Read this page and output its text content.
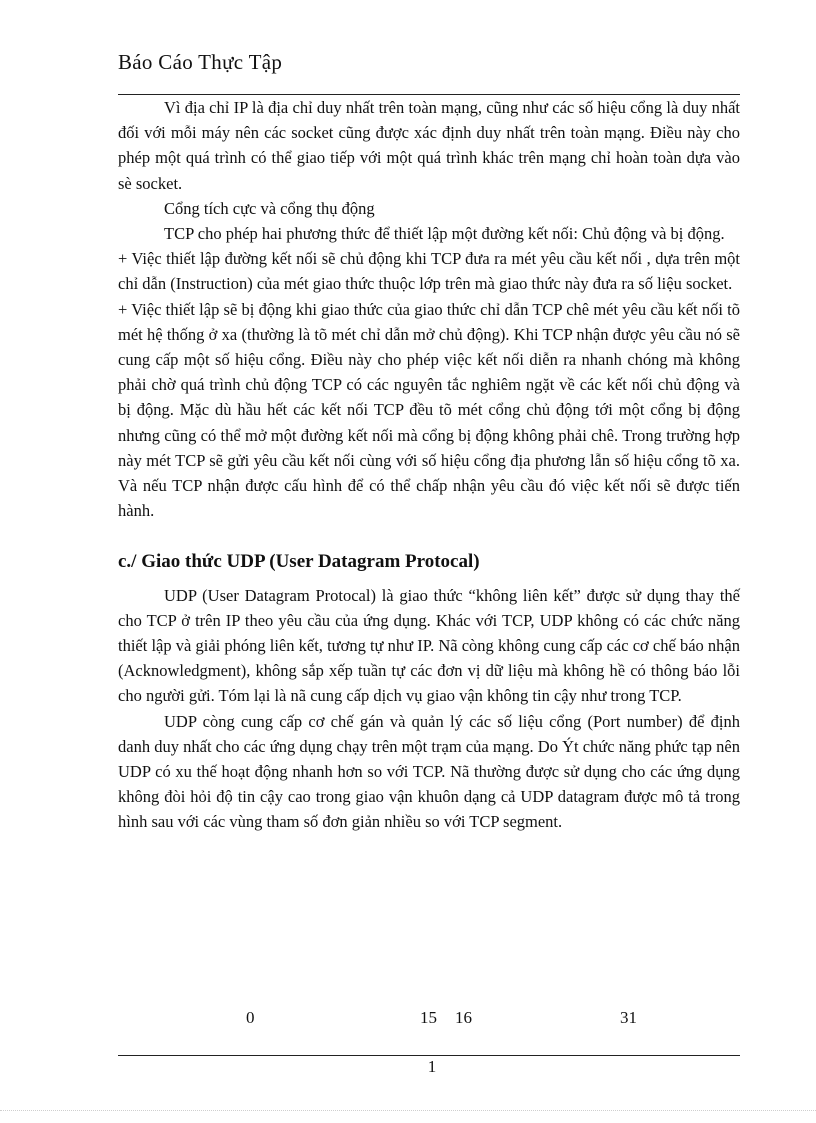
Báo Cáo Thực Tập

Vì địa chỉ IP là địa chỉ duy nhất trên toàn mạng, cũng như các số hiệu cổng là duy nhất đối với mỗi máy nên các socket cũng được xác định duy nhất trên toàn mạng. Điều này cho phép một quá trình có thể giao tiếp với một quá trình khác trên mạng chỉ hoàn toàn dựa vào sè socket.

Cổng tích cực và cổng thụ động

TCP cho phép hai phương thức để thiết lập một đường kết nối: Chủ động và bị động.

+ Việc thiết lập đường kết nối sẽ chủ động khi TCP đưa ra mét yêu cầu kết nối , dựa trên một chỉ dẫn (Instruction) của mét giao thức thuộc lớp trên mà giao thức này đưa ra số liệu socket.

+ Việc thiết lập sẽ bị động khi giao thức của giao thức chỉ dẫn TCP chê mét yêu cầu kết nối tõ mét hệ thống ở xa (thường là tõ mét chỉ dẫn mở chủ động). Khi TCP nhận được yêu cầu nó sẽ cung cấp một số hiệu cổng. Điều này cho phép việc kết nối diễn ra nhanh chóng mà không phải chờ quá trình chủ động TCP có các nguyên tắc nghiêm ngặt về các kết nối chủ động và bị động. Mặc dù hầu hết các kết nối TCP đều tõ mét cổng chủ động tới một cổng bị động nhưng cũng có thể mở một đường kết nối mà cổng bị động không phải chê. Trong trường hợp này mét TCP sẽ gửi yêu cầu kết nối cùng với số hiệu cổng địa phương lẫn số hiệu cổng tõ xa. Và nếu TCP nhận được cấu hình để có thể chấp nhận yêu cầu đó việc kết nối sẽ được tiến hành.

c./ Giao thức UDP (User Datagram Protocal)

UDP (User Datagram Protocal) là giao thức “không liên kết” được sử dụng thay thế cho TCP ở trên IP theo yêu cầu của ứng dụng. Khác với TCP, UDP không có các chức năng thiết lập và giải phóng liên kết, tương tự như IP. Nã còng không cung cấp các cơ chế báo nhận (Acknowledgment), không sắp xếp tuần tự các đơn vị dữ liệu mà không hề có thông báo lỗi cho người gửi. Tóm lại là nã cung cấp dịch vụ giao vận không tin cậy như trong TCP.

UDP còng cung cấp cơ chế gán và quản lý các số liệu cổng (Port number) để định danh duy nhất cho các ứng dụng chạy trên một trạm của mạng. Do Ýt chức năng phức tạp nên UDP có xu thế hoạt động nhanh hơn so với TCP. Nã thường được sử dụng cho các ứng dụng không đòi hỏi độ tin cậy cao trong giao vận khuôn dạng cả UDP datagram được mô tả trong hình sau với các vùng tham số đơn giản nhiều so với TCP segment.

0	15 16	31
1
